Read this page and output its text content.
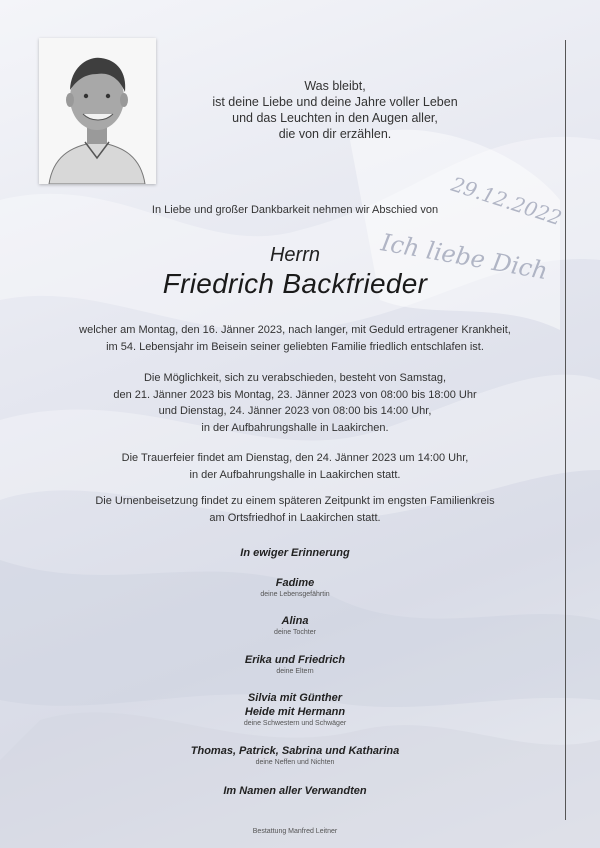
29.12.2022
Ich liebe Dich
Was bleibt,
ist deine Liebe und deine Jahre voller Leben
und das Leuchten in den Augen aller,
die von dir erzählen.
In Liebe und großer Dankbarkeit nehmen wir Abschied von
Herrn
Friedrich Backfrieder
welcher am Montag, den 16. Jänner 2023, nach langer, mit Geduld ertragener Krankheit,
im 54. Lebensjahr im Beisein seiner geliebten Familie friedlich entschlafen ist.
Die Möglichkeit, sich zu verabschieden, besteht von Samstag,
den 21. Jänner 2023 bis Montag, 23. Jänner 2023 von 08:00 bis 18:00 Uhr
und Dienstag, 24. Jänner 2023 von 08:00 bis 14:00 Uhr,
in der Aufbahrungshalle in Laakirchen.
Die Trauerfeier findet am Dienstag, den 24. Jänner 2023 um 14:00 Uhr,
in der Aufbahrungshalle in Laakirchen statt.
Die Urnenbeisetzung findet zu einem späteren Zeitpunkt im engsten Familienkreis
am Ortsfriedhof in Laakirchen statt.
In ewiger Erinnerung
Fadime
deine Lebensgefährtin
Alina
deine Tochter
Erika und Friedrich
deine Eltern
Silvia mit Günther
Heide mit Hermann
deine Schwestern und Schwäger
Thomas, Patrick, Sabrina und Katharina
deine Neffen und Nichten
Im Namen aller Verwandten
Bestattung Manfred Leitner
